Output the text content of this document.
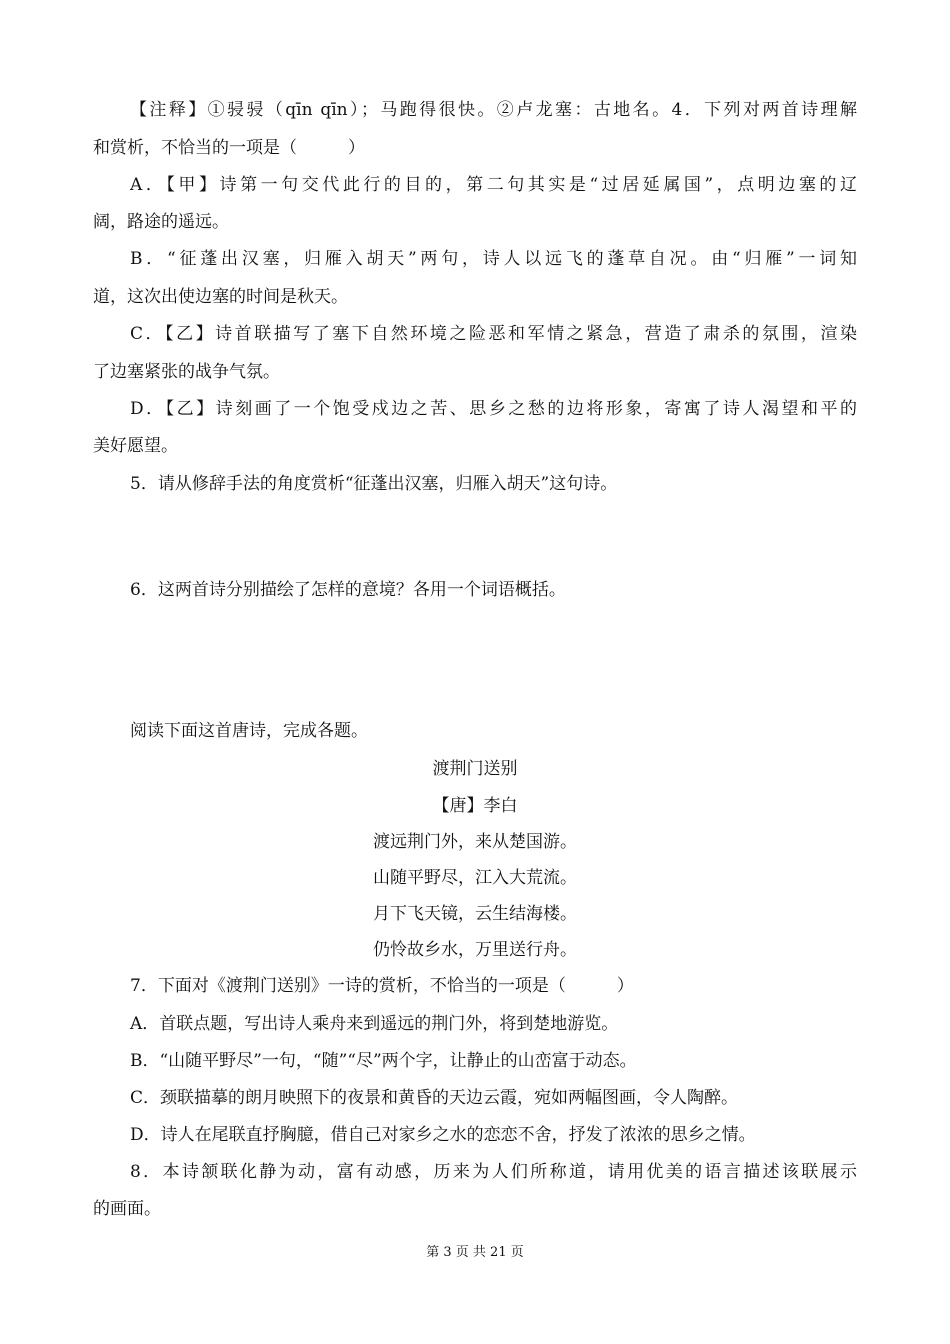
【注释】①骎骎（qīn qīn）；马跑得很快。②卢龙塞：古地名。4．下列对两首诗理解
和赏析，不恰当的一项是（　　　）
A．【甲】诗第一句交代此行的目的，第二句其实是“过居延属国”，点明边塞的辽
阔，路途的遥远。
B．“征蓬出汉塞，归雁入胡天”两句，诗人以远飞的蓬草自况。由“归雁”一词知
道，这次出使边塞的时间是秋天。
C．【乙】诗首联描写了塞下自然环境之险恶和军情之紧急，营造了肃杀的氛围，渲染
了边塞紧张的战争气氛。
D．【乙】诗刻画了一个饱受戍边之苦、思乡之愁的边将形象，寄寓了诗人渴望和平的
美好愿望。
5．请从修辞手法的角度赏析“征蓬出汉塞，归雁入胡天”这句诗。
6．这两首诗分别描绘了怎样的意境？各用一个词语概括。
阅读下面这首唐诗，完成各题。
渡荆门送别
【唐】李白
渡远荆门外，来从楚国游。
山随平野尽，江入大荒流。
月下飞天镜，云生结海楼。
仍怜故乡水，万里送行舟。
7．下面对《渡荆门送别》一诗的赏析，不恰当的一项是（　　　）
A．首联点题，写出诗人乘舟来到遥远的荆门外，将到楚地游览。
B．“山随平野尽”一句，“随”“尽”两个字，让静止的山峦富于动态。
C．颈联描摹的朗月映照下的夜景和黄昏的天边云霞，宛如两幅图画，令人陶醉。
D．诗人在尾联直抒胸臆，借自己对家乡之水的恋恋不舍，抒发了浓浓的思乡之情。
8．本诗颔联化静为动，富有动感，历来为人们所称道，请用优美的语言描述该联展示
的画面。
第 3 页 共 21 页
